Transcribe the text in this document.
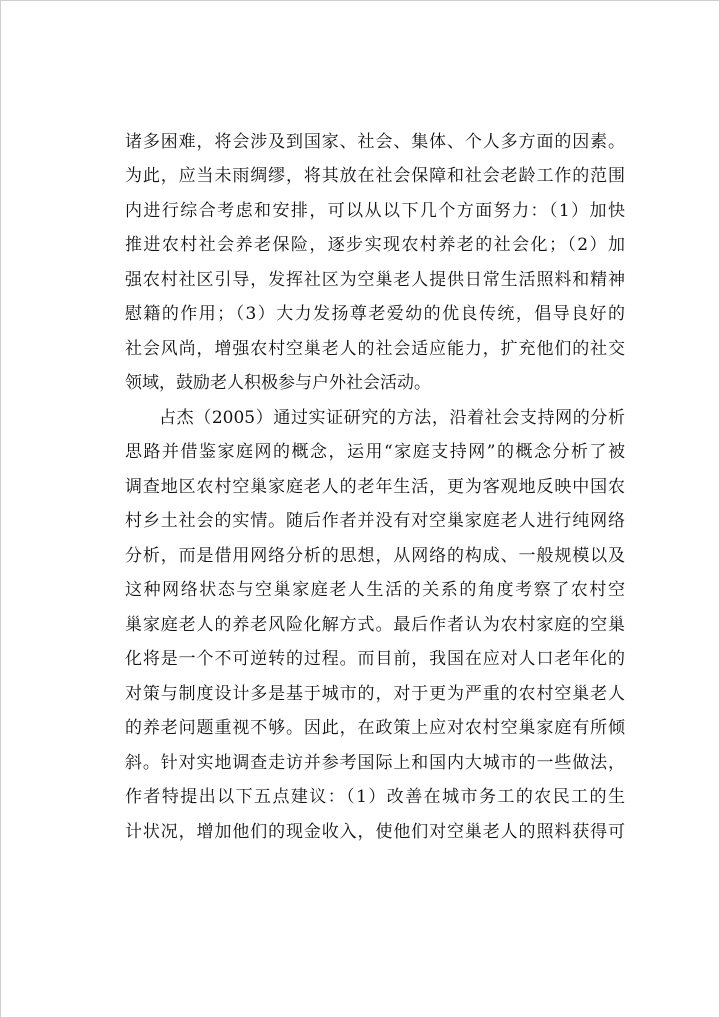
诸多困难，将会涉及到国家、社会、集体、个人多方面的因素。
为此，应当未雨绸缪，将其放在社会保障和社会老龄工作的范围
内进行综合考虑和安排，可以从以下几个方面努力：（1）加快
推进农村社会养老保险，逐步实现农村养老的社会化；（2）加
强农村社区引导，发挥社区为空巢老人提供日常生活照料和精神
慰籍的作用；（3）大力发扬尊老爱幼的优良传统，倡导良好的
社会风尚，增强农村空巢老人的社会适应能力，扩充他们的社交
领域，鼓励老人积极参与户外社会活动。
占杰（2005）通过实证研究的方法，沿着社会支持网的分析
思路并借鉴家庭网的概念，运用“家庭支持网”的概念分析了被
调查地区农村空巢家庭老人的老年生活，更为客观地反映中国农
村乡土社会的实情。随后作者并没有对空巢家庭老人进行纯网络
分析，而是借用网络分析的思想，从网络的构成、一般规模以及
这种网络状态与空巢家庭老人生活的关系的角度考察了农村空
巢家庭老人的养老风险化解方式。最后作者认为农村家庭的空巢
化将是一个不可逆转的过程。而目前，我国在应对人口老年化的
对策与制度设计多是基于城市的，对于更为严重的农村空巢老人
的养老问题重视不够。因此，在政策上应对农村空巢家庭有所倾
斜。针对实地调查走访并参考国际上和国内大城市的一些做法，
作者特提出以下五点建议：（1）改善在城市务工的农民工的生
计状况，增加他们的现金收入，使他们对空巢老人的照料获得可
